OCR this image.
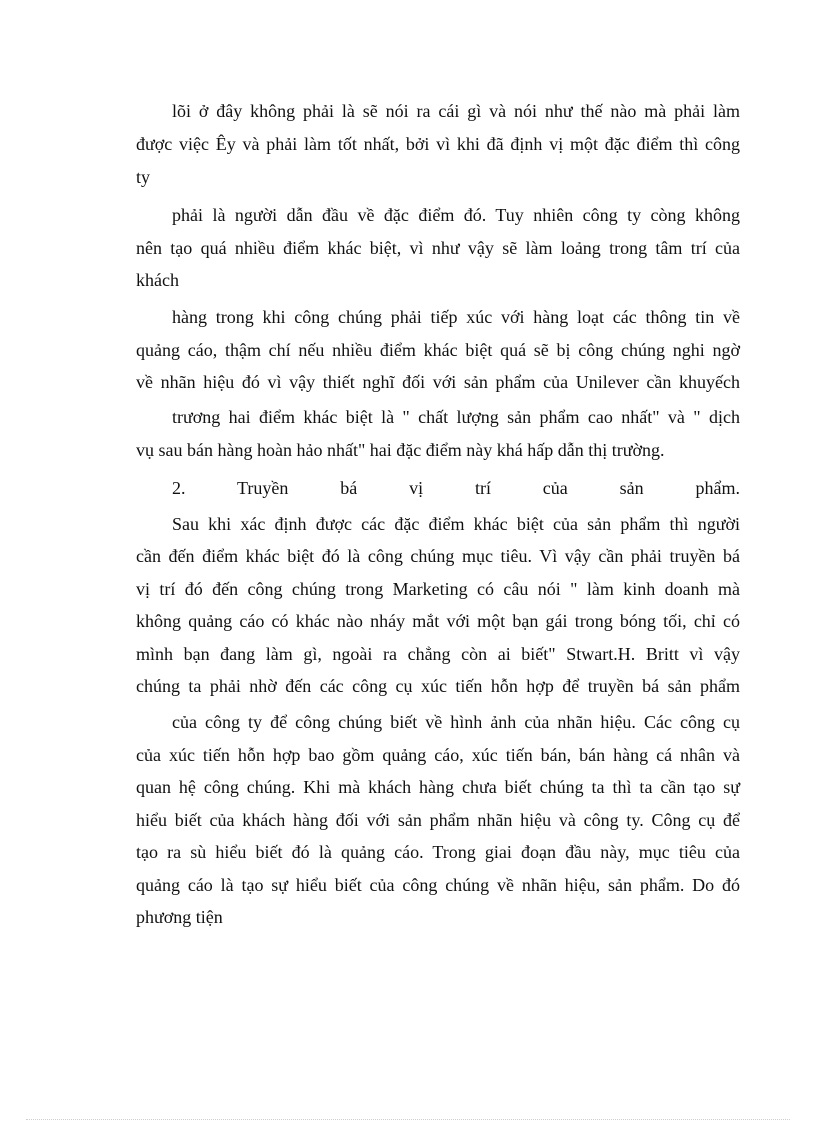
lõi ở đây không phải là sẽ nói ra cái gì và nói như thế nào mà phải làm
được việc Êy và phải làm tốt nhất, bởi vì khi đã định vị một đặc điểm thì công
ty
phải là người dẫn đầu về đặc điểm đó. Tuy nhiên công ty còng không
nên tạo quá nhiều điểm khác biệt, vì như vậy sẽ làm loảng trong tâm trí của
khách
hàng trong khi công chúng phải tiếp xúc với hàng loạt các thông tin về
quảng cáo, thậm chí nếu nhiều điểm khác biệt quá sẽ bị công chúng nghi ngờ
về nhãn hiệu đó vì vậy thiết nghĩ đối với sản phẩm của Unilever cần khuyếch
trương hai điểm khác biệt là " chất lượng sản phẩm cao nhất" và " dịch
vụ sau bán hàng hoàn hảo nhất" hai đặc điểm này khá hấp dẫn thị trường.
2. Truyền bá vị trí của sản phẩm.
Sau khi xác định được các đặc điểm khác biệt của sản phẩm thì người
cần đến điểm khác biệt đó là công chúng mục tiêu. Vì vậy cần phải truyền bá
vị trí đó đến công chúng trong Marketing có câu nói " làm kinh doanh mà
không quảng cáo có khác nào nháy mắt với một bạn gái trong bóng tối, chỉ có
mình bạn đang làm gì, ngoài ra chẳng còn ai biết" Stwart.H. Britt vì vậy
chúng ta phải nhờ đến các công cụ xúc tiến hỗn hợp để truyền bá sản phẩm
của công ty để công chúng biết về hình ảnh của nhãn hiệu. Các công cụ
của xúc tiến hỗn hợp bao gồm quảng cáo, xúc tiến bán, bán hàng cá nhân và
quan hệ công chúng. Khi mà khách hàng chưa biết chúng ta thì ta cần tạo sự
hiểu biết của khách hàng đối với sản phẩm nhãn hiệu và công ty. Công cụ để
tạo ra sù hiểu biết đó là quảng cáo. Trong giai đoạn đầu này, mục tiêu của
quảng cáo là tạo sự hiểu biết của công chúng về nhãn hiệu, sản phẩm. Do đó
phương tiện
